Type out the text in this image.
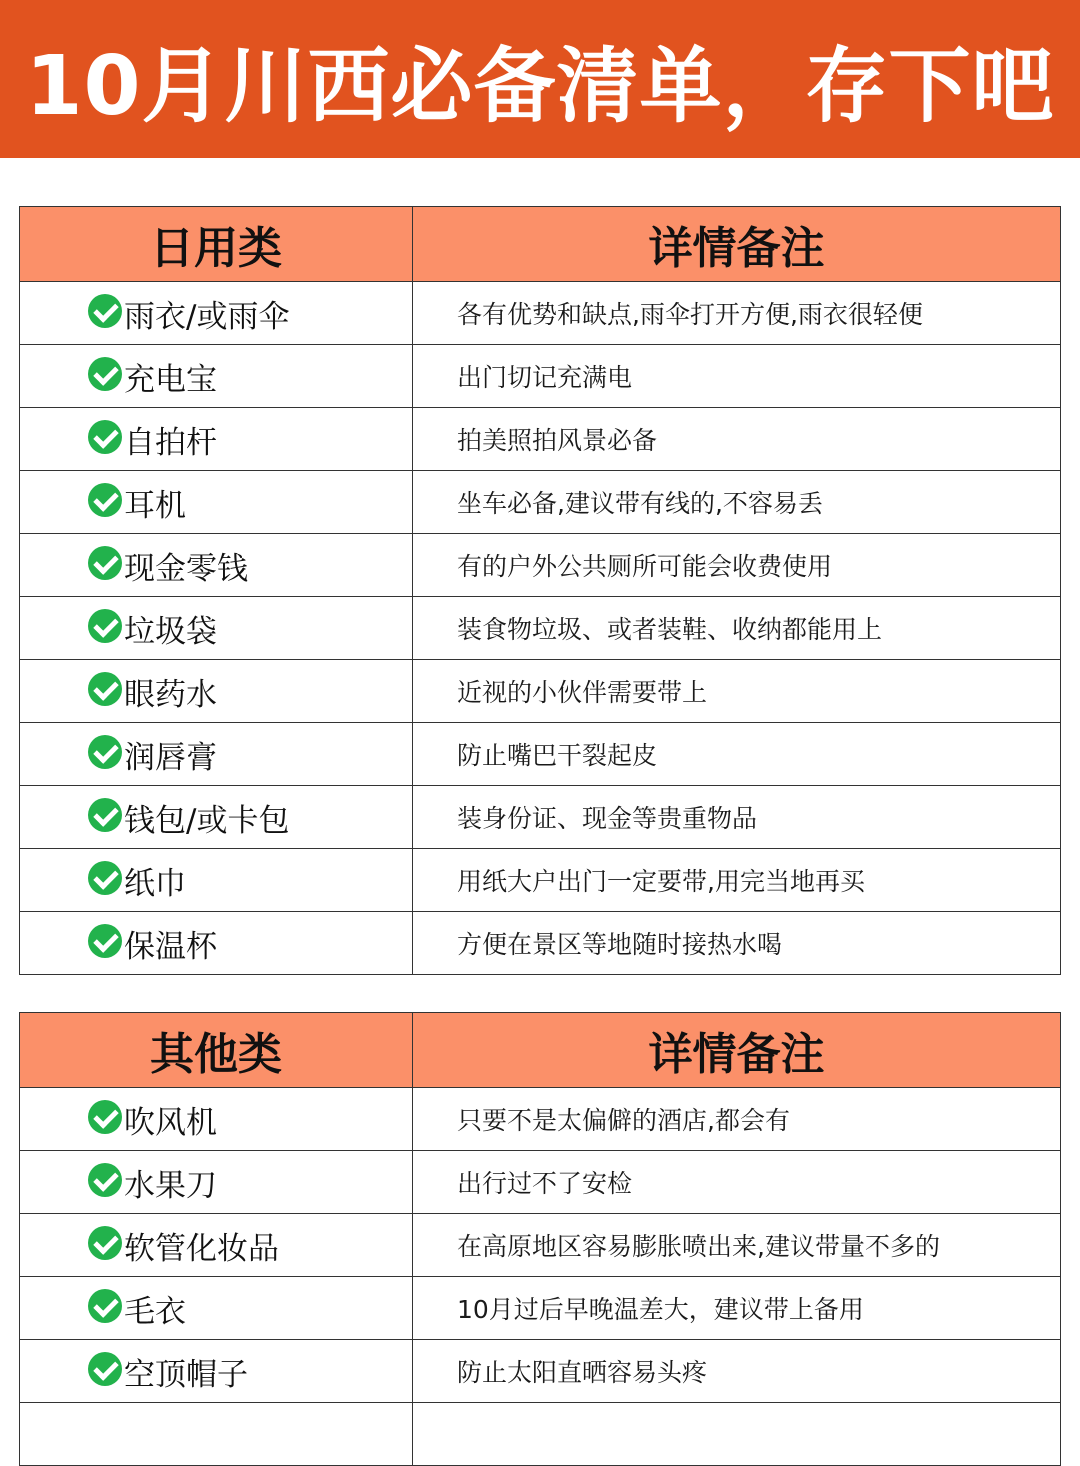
10月川西必备清单，存下吧
日用类	详情备注
雨衣/或雨伞	各有优势和缺点,雨伞打开方便,雨衣很轻便
充电宝	出门切记充满电
自拍杆	拍美照拍风景必备
耳机	坐车必备,建议带有线的,不容易丢
现金零钱	有的户外公共厕所可能会收费使用
垃圾袋	装食物垃圾、或者装鞋、收纳都能用上
眼药水	近视的小伙伴需要带上
润唇膏	防止嘴巴干裂起皮
钱包/或卡包	装身份证、现金等贵重物品
纸巾	用纸大户出门一定要带,用完当地再买
保温杯	方便在景区等地随时接热水喝
其他类	详情备注
吹风机	只要不是太偏僻的酒店,都会有
水果刀	出行过不了安检
软管化妆品	在高原地区容易膨胀喷出来,建议带量不多的
毛衣	10月过后早晚温差大，建议带上备用
空顶帽子	防止太阳直晒容易头疼
